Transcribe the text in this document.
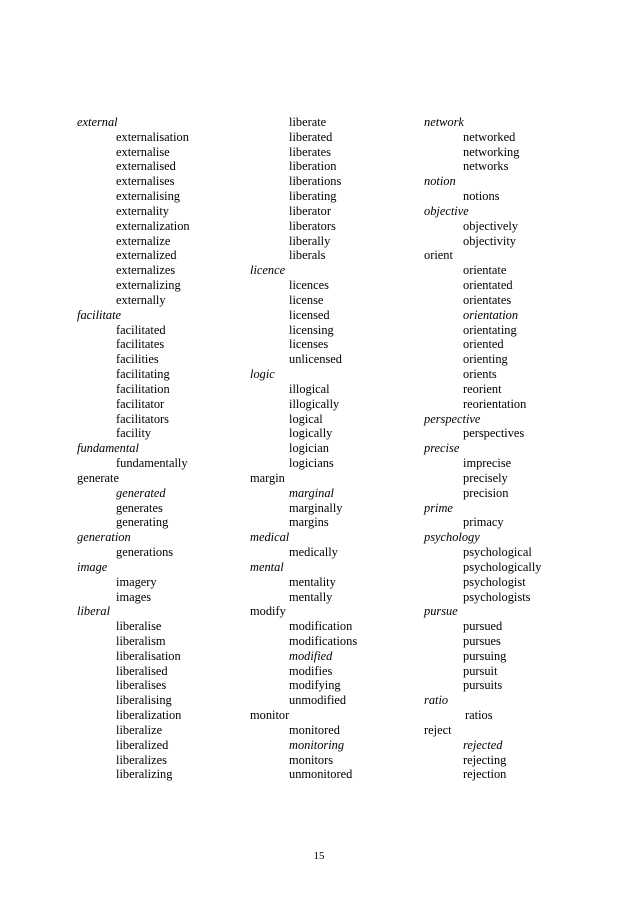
external
externalisation
externalise
externalised
externalises
externalising
externality
externalization
externalize
externalized
externalizes
externalizing
externally
facilitate
facilitated
facilitates
facilities
facilitating
facilitation
facilitator
facilitators
facility
fundamental
fundamentally
generate
generated
generates
generating
generation
generations
image
imagery
images
liberal
liberalise
liberalism
liberalisation
liberalised
liberalises
liberalising
liberalization
liberalize
liberalized
liberalizes
liberalizing
liberate
liberated
liberates
liberation
liberations
liberating
liberator
liberators
liberally
liberals
licence
licences
license
licensed
licensing
licenses
unlicensed
logic
illogical
illogically
logical
logically
logician
logicians
margin
marginal
marginally
margins
medical
medically
mental
mentality
mentally
modify
modification
modifications
modified
modifies
modifying
unmodified
monitor
monitored
monitoring
monitors
unmonitored
network
networked
networking
networks
notion
notions
objective
objectively
objectivity
orient
orientate
orientated
orientates
orientation
orientating
oriented
orienting
orients
reorient
reorientation
perspective
perspectives
precise
imprecise
precisely
precision
prime
primacy
psychology
psychological
psychologically
psychologist
psychologists
pursue
pursued
pursues
pursuing
pursuit
pursuits
ratio
ratios
reject
rejected
rejecting
rejection
15
